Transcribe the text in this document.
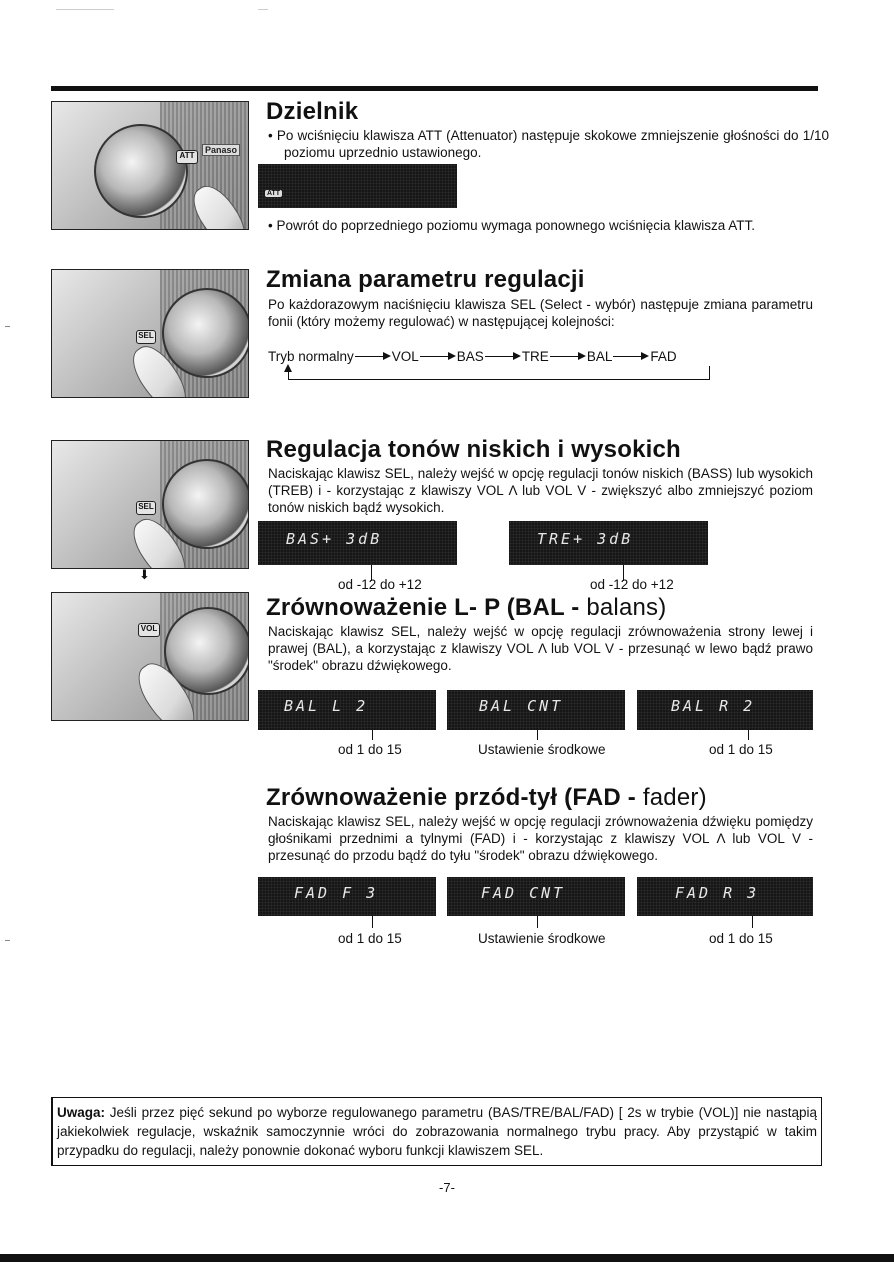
ATT
Panaso
Dzielnik

• Po wciśnięciu klawisza ATT (Attenuator) następuje skokowe zmniejszenie głośności do 1/10 poziomu uprzednio ustawionego.

ATT

• Powrót do poprzedniego poziomu wymaga ponownego wciśnięcia klawisza ATT.

SEL
Zmiana parametru regulacji

Po każdorazowym naciśnięciu klawisza SEL (Select - wybór) następuje zmiana parametru fonii (który możemy regulować) w następującej kolejności:

Tryb normalny	VOL	BAS	TRE	BAL	FAD
SEL
⬇
VOL
Regulacja tonów niskich i wysokich

Naciskając klawisz SEL, należy wejść w opcję regulacji tonów niskich (BASS) lub wysokich (TREB) i - korzystając z klawiszy VOL Λ lub VOL V - zwiększyć albo zmniejszyć poziom tonów niskich bądź wysokich.

BAS+ 3dB	TRE+ 3dB
od -12 do +12	od -12 do +12
Zrównoważenie L- P (BAL - balans)

Naciskając klawisz SEL, należy wejść w opcję regulacji zrównoważenia strony lewej i prawej (BAL), a korzystając z klawiszy VOL Λ lub VOL V - przesunąć w lewo bądź prawo "środek" obrazu dźwiękowego.

BAL L 2	BAL CNT	BAL R 2
od 1 do 15	Ustawienie środkowe	od 1 do 15
Zrównoważenie przód-tył (FAD - fader)

Naciskając klawisz SEL, należy wejść w opcję regulacji zrównoważenia dźwięku pomiędzy głośnikami przednimi a tylnymi (FAD) i - korzystając z klawiszy VOL Λ lub VOL V - przesunąć do przodu bądź do tyłu "środek" obrazu dźwiękowego.

FAD F 3	FAD CNT	FAD R 3
od 1 do 15	Ustawienie środkowe	od 1 do 15
Uwaga: Jeśli przez pięć sekund po wyborze regulowanego parametru (BAS/TRE/BAL/FAD) [ 2s w trybie (VOL)] nie nastąpią jakiekolwiek regulacje, wskaźnik samoczynnie wróci do zobrazowania normalnego trybu pracy. Aby przystąpić w takim przypadku do regulacji, należy ponownie dokonać wyboru funkcji klawiszem SEL.
-7-
